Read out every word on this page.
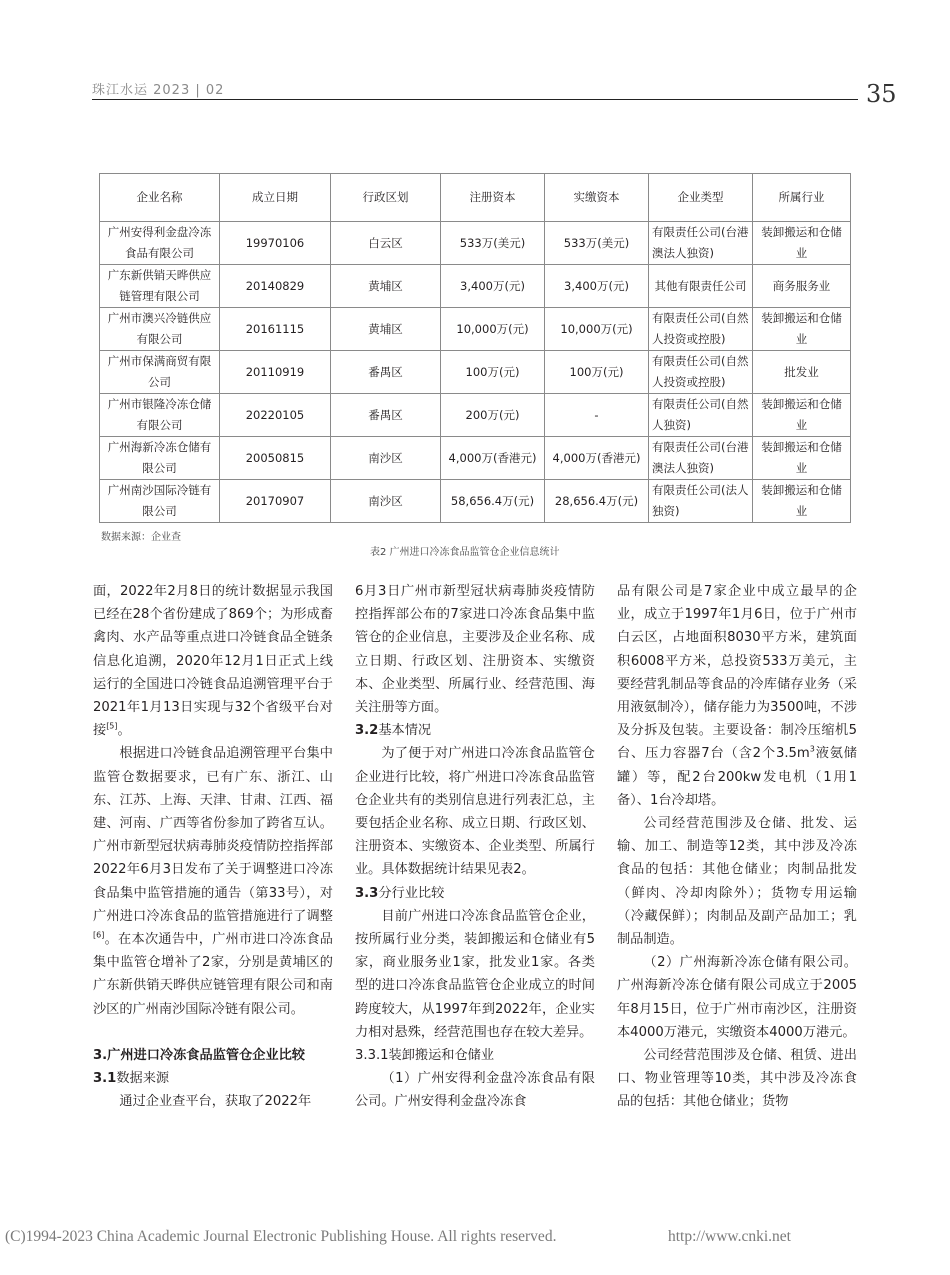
珠江水运 2023 | 02	35
企业名称	成立日期	行政区划	注册资本	实缴资本	企业类型	所属行业
广州安得利金盘冷冻食品有限公司	19970106	白云区	533万(美元)	533万(美元)	有限责任公司(台港澳法人独资)	装卸搬运和仓储业
广东新供销天晔供应链管理有限公司	20140829	黄埔区	3,400万(元)	3,400万(元)	其他有限责任公司	商务服务业
广州市澳兴冷链供应有限公司	20161115	黄埔区	10,000万(元)	10,000万(元)	有限责任公司(自然人投资或控股)	装卸搬运和仓储业
广州市保满商贸有限公司	20110919	番禺区	100万(元)	100万(元)	有限责任公司(自然人投资或控股)	批发业
广州市银隆冷冻仓储有限公司	20220105	番禺区	200万(元)	-	有限责任公司(自然人独资)	装卸搬运和仓储业
广州海新冷冻仓储有限公司	20050815	南沙区	4,000万(香港元)	4,000万(香港元)	有限责任公司(台港澳法人独资)	装卸搬运和仓储业
广州南沙国际冷链有限公司	20170907	南沙区	58,656.4万(元)	28,656.4万(元)	有限责任公司(法人独资)	装卸搬运和仓储业
数据来源：企业查
表2 广州进口冷冻食品监管仓企业信息统计

面，2022年2月8日的统计数据显示我国已经在28个省份建成了869个；为形成畜禽肉、水产品等重点进口冷链食品全链条信息化追溯，2020年12月1日正式上线运行的全国进口冷链食品追溯管理平台于2021年1月13日实现与32个省级平台对接[5]。

根据进口冷链食品追溯管理平台集中监管仓数据要求，已有广东、浙江、山东、江苏、上海、天津、甘肃、江西、福建、河南、广西等省份参加了跨省互认。广州市新型冠状病毒肺炎疫情防控指挥部2022年6月3日发布了关于调整进口冷冻食品集中监管措施的通告（第33号），对广州进口冷冻食品的监管措施进行了调整[6]。在本次通告中，广州市进口冷冻食品集中监管仓增补了2家，分别是黄埔区的广东新供销天晔供应链管理有限公司和南沙区的广州南沙国际冷链有限公司。

3.广州进口冷冻食品监管仓企业比较

3.1数据来源

通过企业查平台，获取了2022年

6月3日广州市新型冠状病毒肺炎疫情防控指挥部公布的7家进口冷冻食品集中监管仓的企业信息，主要涉及企业名称、成立日期、行政区划、注册资本、实缴资本、企业类型、所属行业、经营范围、海关注册等方面。

3.2基本情况

为了便于对广州进口冷冻食品监管仓企业进行比较，将广州进口冷冻食品监管仓企业共有的类别信息进行列表汇总，主要包括企业名称、成立日期、行政区划、注册资本、实缴资本、企业类型、所属行业。具体数据统计结果见表2。

3.3分行业比较

目前广州进口冷冻食品监管仓企业，按所属行业分类，装卸搬运和仓储业有5家，商业服务业1家，批发业1家。各类型的进口冷冻食品监管仓企业成立的时间跨度较大，从1997年到2022年，企业实力相对悬殊，经营范围也存在较大差异。

3.3.1装卸搬运和仓储业

（1）广州安得利金盘冷冻食品有限公司。广州安得利金盘冷冻食

品有限公司是7家企业中成立最早的企业，成立于1997年1月6日，位于广州市白云区，占地面积8030平方米，建筑面积6008平方米，总投资533万美元，主要经营乳制品等食品的冷库储存业务（采用液氨制冷），储存能力为3500吨，不涉及分拆及包装。主要设备：制冷压缩机5台、压力容器7台（含2个$3.5m^3$液氨储罐）等，配2台200kw发电机（1用1备）、1台冷却塔。

公司经营范围涉及仓储、批发、运输、加工、制造等12类，其中涉及冷冻食品的包括：其他仓储业；肉制品批发（鲜肉、冷却肉除外）；货物专用运输（冷藏保鲜）；肉制品及副产品加工；乳制品制造。

（2）广州海新冷冻仓储有限公司。广州海新冷冻仓储有限公司成立于2005年8月15日，位于广州市南沙区，注册资本4000万港元，实缴资本4000万港元。

公司经营范围涉及仓储、租赁、进出口、物业管理等10类，其中涉及冷冻食品的包括：其他仓储业；货物

(C)1994-2023 China Academic Journal Electronic Publishing House. All rights reserved.	http://www.cnki.net
